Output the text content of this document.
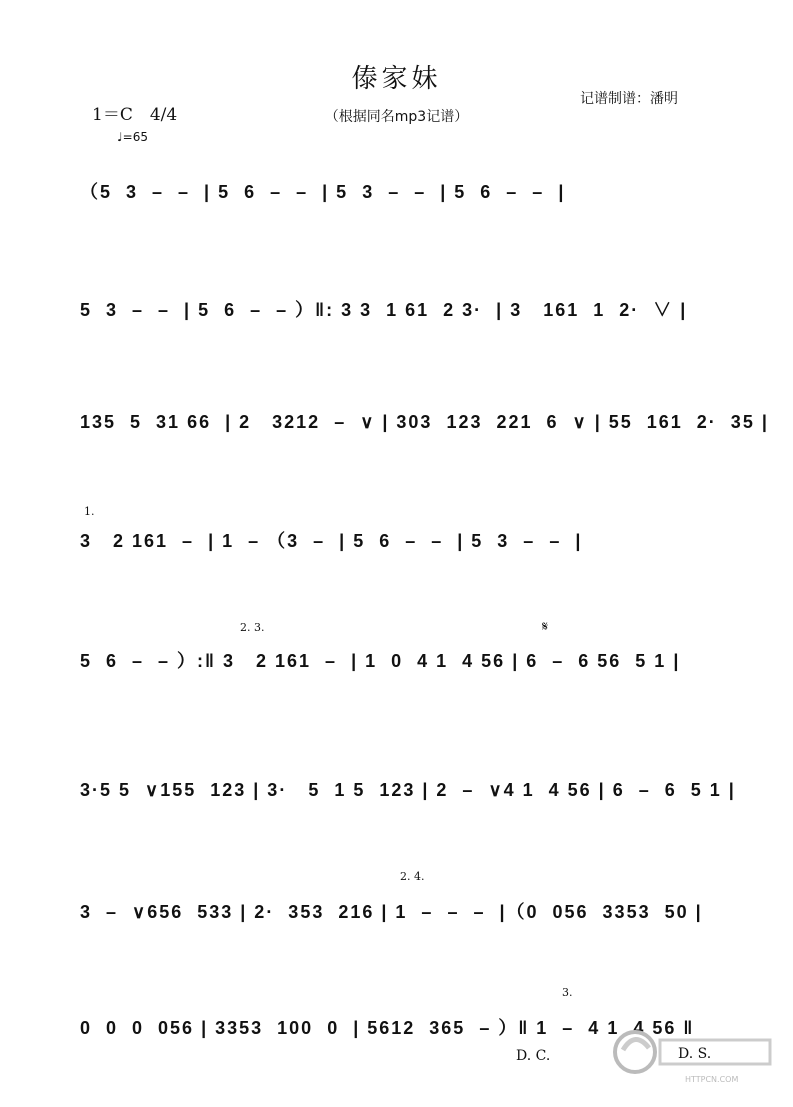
傣家妹
记谱制谱：潘明
1＝C　4/4	（根据同名mp3记谱）
♩=65
（5  3  –  –  | 5  6  –  –  | 5  3  –  –  | 5  6  –  –  |
5  3  –  –  | 5  6  –  – ）‖: 3 3  1 61  2 3·  | 3   161  1  2·  ∨ |
135  5  31 66  | 2   3212  –  ∨ | 303  123  221  6  ∨ | 55  161  2·  35 |
1.
3   2 161  –  | 1  – （3  –  | 5  6  –  –  | 5  3  –  –  |
2. 3.	𝄋
5  6  –  – ）:‖ 3   2 161  –  | 1  0  4 1  4 56 | 6  –  6 56  5 1 |
3·5 5  ∨155  123 | 3·   5  1 5  123 | 2  –  ∨4 1  4 56 | 6  –  6  5 1 |
2. 4.
3  –  ∨656  533 | 2·  353  216 | 1  –  –  –  |（0  056  3353  50 |
3.
0  0  0  056 | 3353  100  0  | 5612  365  – ）‖ 1  –  4 1  4 56 ‖
D. C.	D. S.
HTTPCN.COM
